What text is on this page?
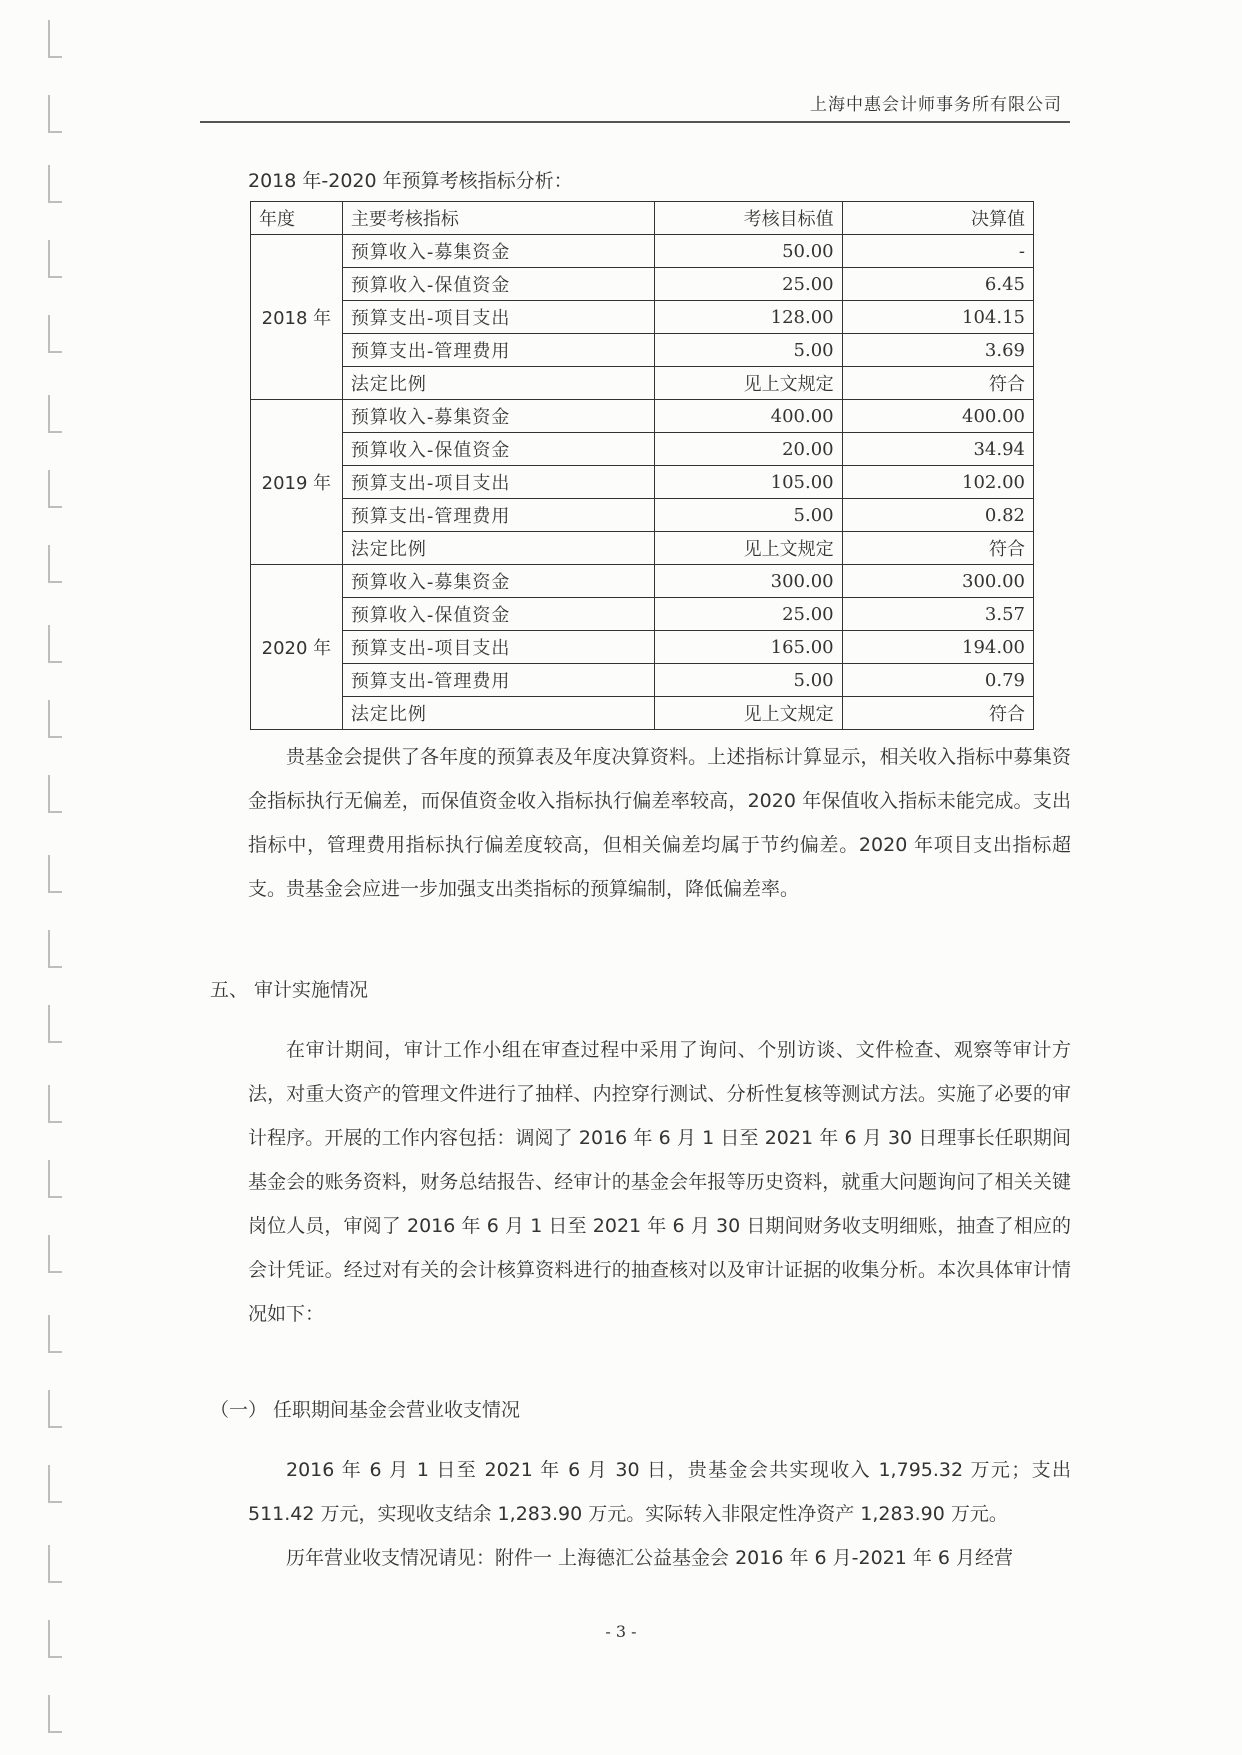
上海中惠会计师事务所有限公司
2018 年-2020 年预算考核指标分析：
年度	主要考核指标	考核目标值	决算值
2018 年	预算收入-募集资金	50.00	-
	预算收入-保值资金	25.00	6.45
	预算支出-项目支出	128.00	104.15
	预算支出-管理费用	5.00	3.69
	法定比例	见上文规定	符合
2019 年	预算收入-募集资金	400.00	400.00
	预算收入-保值资金	20.00	34.94
	预算支出-项目支出	105.00	102.00
	预算支出-管理费用	5.00	0.82
	法定比例	见上文规定	符合
2020 年	预算收入-募集资金	300.00	300.00
	预算收入-保值资金	25.00	3.57
	预算支出-项目支出	165.00	194.00
	预算支出-管理费用	5.00	0.79
	法定比例	见上文规定	符合

贵基金会提供了各年度的预算表及年度决算资料。上述指标计算显示，相关收入指标中募集资金指标执行无偏差，而保值资金收入指标执行偏差率较高，2020 年保值收入指标未能完成。支出指标中，管理费用指标执行偏差度较高，但相关偏差均属于节约偏差。2020 年项目支出指标超支。贵基金会应进一步加强支出类指标的预算编制，降低偏差率。

五、 审计实施情况

在审计期间，审计工作小组在审查过程中采用了询问、个别访谈、文件检查、观察等审计方法，对重大资产的管理文件进行了抽样、内控穿行测试、分析性复核等测试方法。实施了必要的审计程序。开展的工作内容包括：调阅了 2016 年 6 月 1 日至 2021 年 6 月 30 日理事长任职期间基金会的账务资料，财务总结报告、经审计的基金会年报等历史资料，就重大问题询问了相关关键岗位人员，审阅了 2016 年 6 月 1 日至 2021 年 6 月 30 日期间财务收支明细账，抽查了相应的会计凭证。经过对有关的会计核算资料进行的抽查核对以及审计证据的收集分析。本次具体审计情况如下：

（一） 任职期间基金会营业收支情况

2016 年 6 月 1 日至 2021 年 6 月 30 日，贵基金会共实现收入 1,795.32 万元；支出 511.42 万元，实现收支结余 1,283.90 万元。实际转入非限定性净资产 1,283.90 万元。

历年营业收支情况请见：附件一 上海德汇公益基金会 2016 年 6 月-2021 年 6 月经营

- 3 -
